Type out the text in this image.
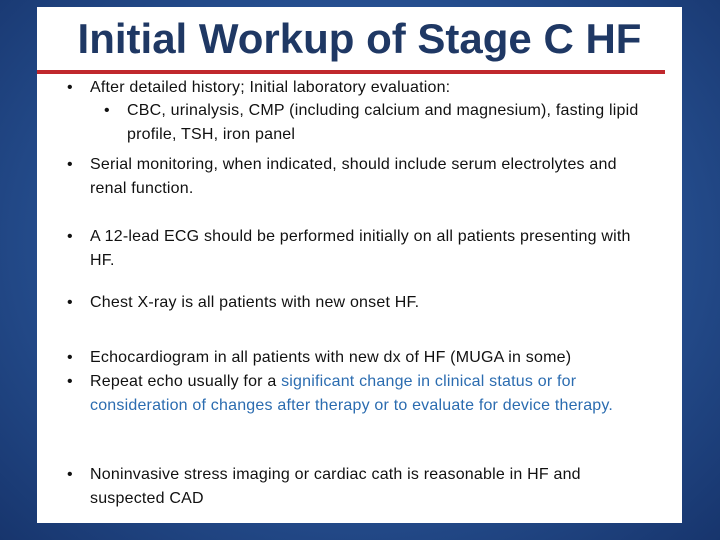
Initial Workup of Stage C HF
• After detailed history; Initial laboratory evaluation:
• CBC, urinalysis, CMP (including calcium and magnesium), fasting lipid profile, TSH, iron panel
• Serial monitoring, when indicated, should include serum electrolytes and renal function.
• A 12-lead ECG should be performed initially on all patients presenting with HF.
• Chest X-ray is all patients with new onset HF.
• Echocardiogram in all patients with new dx of HF (MUGA in some)
• Repeat echo usually for a significant change in clinical status or for consideration of changes after therapy or to evaluate for device therapy.
• Noninvasive stress imaging or cardiac cath is reasonable in HF and suspected CAD
